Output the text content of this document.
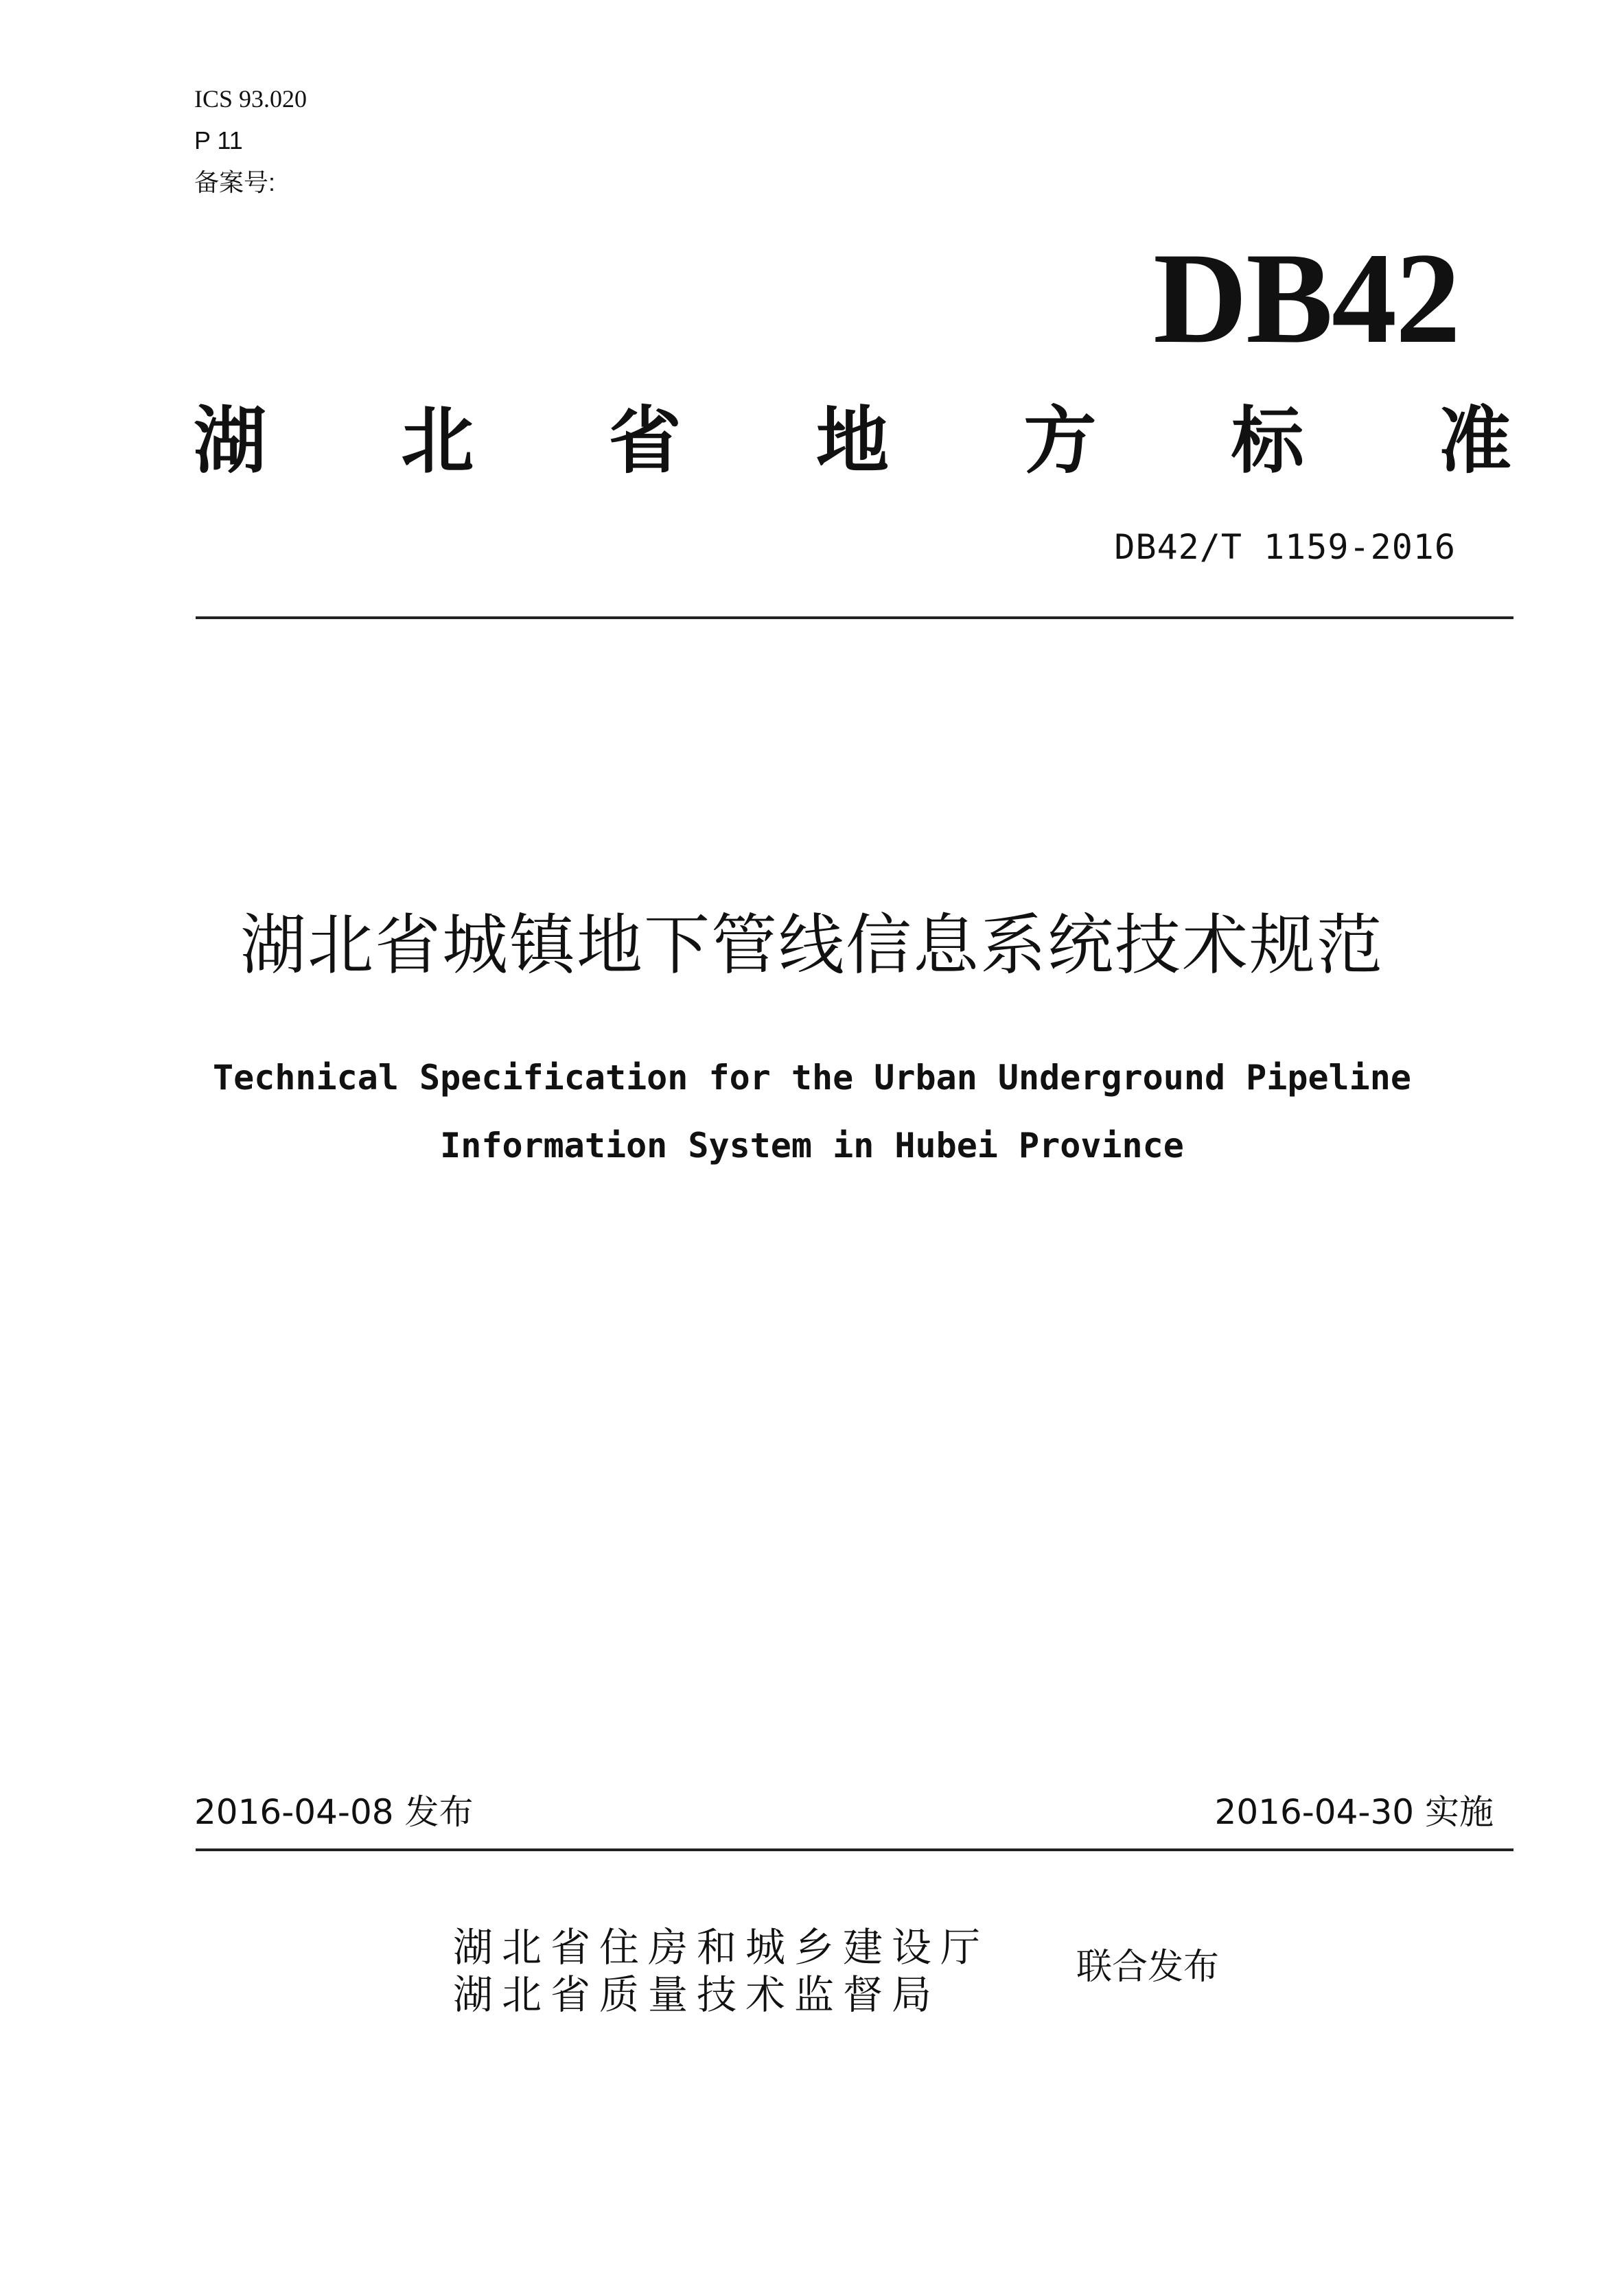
ICS 93.020
P 11
备案号:
DB42
湖 北 省 地 方 标 准
DB42/T 1159-2016
湖北省城镇地下管线信息系统技术规范
Technical Specification for the Urban Underground Pipeline
Information System in Hubei Province
2016-04-08 发布	2016-04-30 实施
湖北省住房和城乡建设厅
湖北省质量技术监督局
联合发布
